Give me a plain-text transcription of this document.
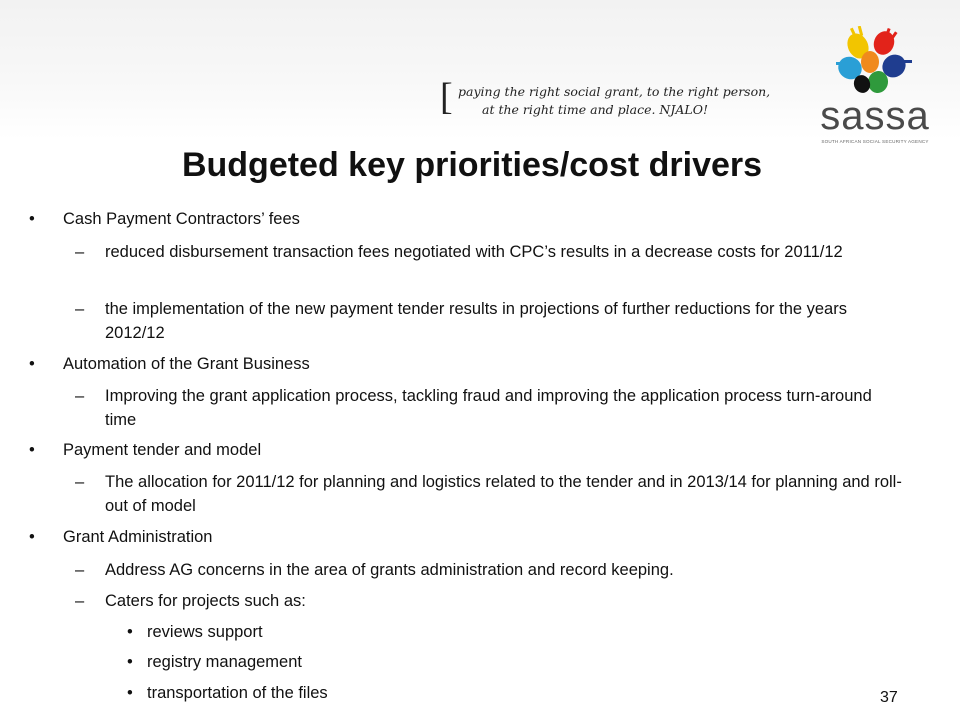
[ paying the right social grant, to the right person,
at the right time and place. NJALO!	sassa
SOUTH AFRICAN SOCIAL SECURITY AGENCY
Budgeted key priorities/cost drivers
• Cash Payment Contractors’ fees
– reduced disbursement transaction fees negotiated with CPC’s results in a decrease costs for 2011/12
– the implementation of the new payment tender results in projections of further reductions for the years 2012/12
• Automation of the Grant Business
– Improving the grant application process, tackling fraud and improving the application process turn-around time
• Payment tender and model
– The allocation for 2011/12 for planning and logistics related to the tender and in 2013/14 for planning and roll-out of model
• Grant Administration
– Address AG concerns in the area of grants administration and record keeping.
– Caters for projects such as:
• reviews support
• registry management
• transportation of the files	37
